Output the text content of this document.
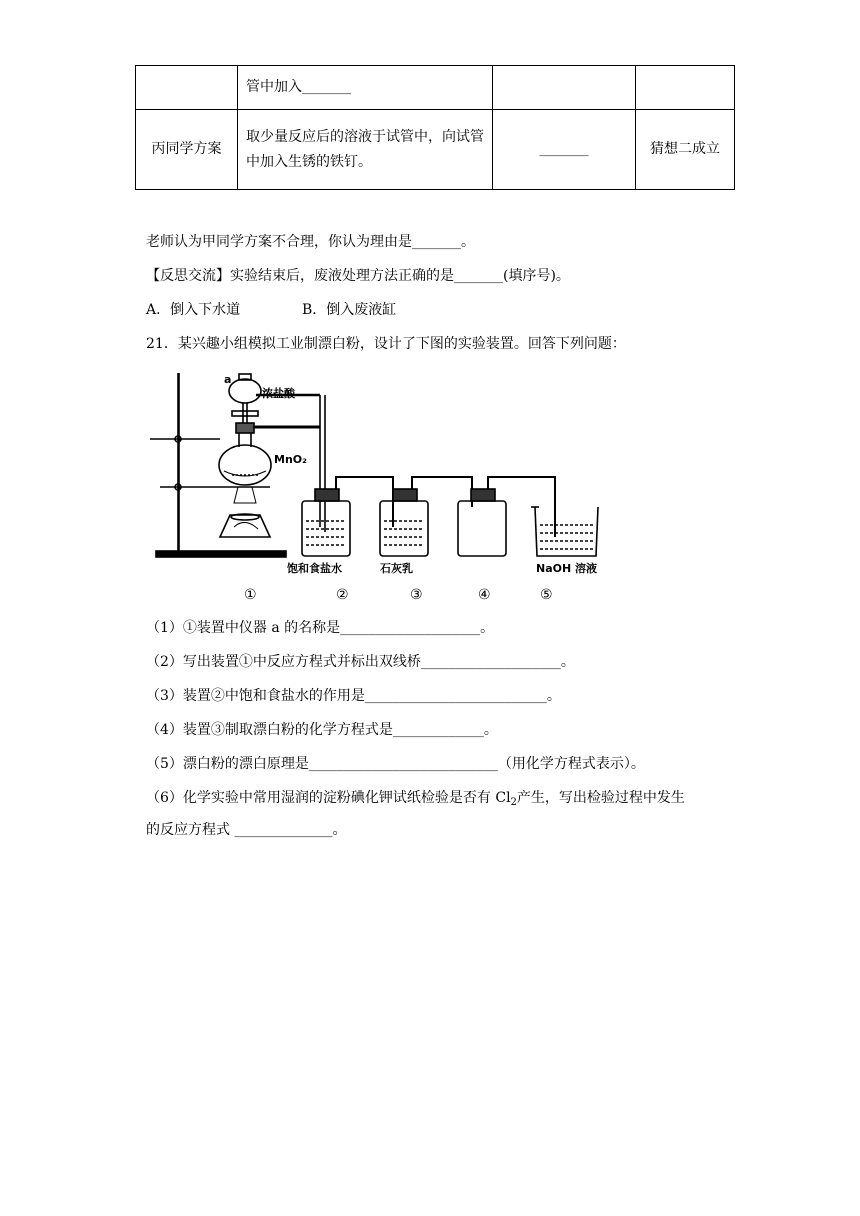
	管中加入_______		
丙同学方案	取少量反应后的溶液于试管中，向试管中加入生锈的铁钉。	_______	猜想二成立
老师认为甲同学方案不合理，你认为理由是_______。
【反思交流】实验结束后，废液处理方法正确的是_______(填序号)。
A．倒入下水道	B．倒入废液缸
21．某兴趣小组模拟工业制漂白粉，设计了下图的实验装置。回答下列问题：
a
浓盐酸
MnO₂
饱和食盐水	石灰乳	NaOH 溶液
①	②	③	④	⑤
（1）①装置中仪器 a 的名称是____________________。
（2）写出装置①中反应方程式并标出双线桥____________________。
（3）装置②中饱和食盐水的作用是__________________________。
（4）装置③制取漂白粉的化学方程式是_____________。
（5）漂白粉的漂白原理是___________________________（用化学方程式表示）。
（6）化学实验中常用湿润的淀粉碘化钾试纸检验是否有 $Cl_2$产生，写出检验过程中发生
的反应方程式 ______________。
